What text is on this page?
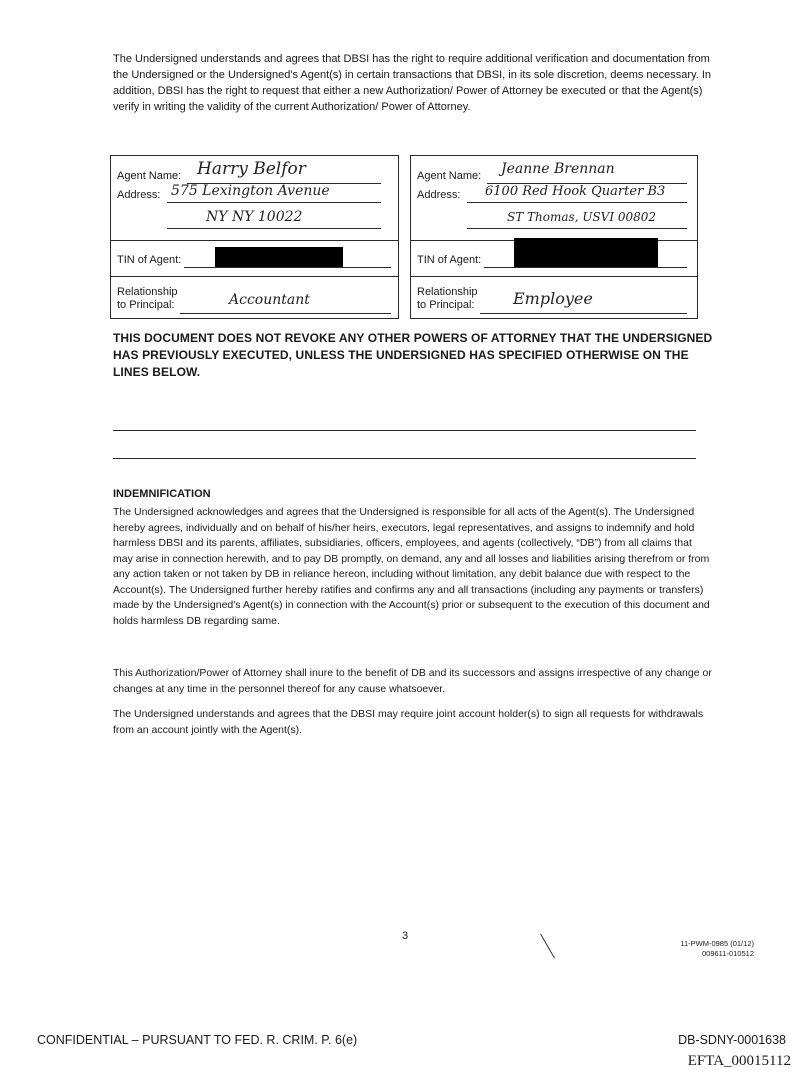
The Undersigned understands and agrees that DBSI has the right to require additional verification and documentation from the Undersigned or the Undersigned's Agent(s) in certain transactions that DBSI, in its sole discretion, deems necessary. In addition, DBSI has the right to request that either a new Authorization/ Power of Attorney be executed or that the Agent(s) verify in writing the validity of the current Authorization/ Power of Attorney.
Agent Name: Harry Belfor
Address: 575 Lexington Avenue
NY NY 10022
TIN of Agent:
Relationship
to Principal:	Accountant
Agent Name: Jeanne Brennan
Address: 6100 Red Hook Quarter B3
ST Thomas, USVI 00802
TIN of Agent:
Relationship
to Principal: Employee
THIS DOCUMENT DOES NOT REVOKE ANY OTHER POWERS OF ATTORNEY THAT THE UNDERSIGNED HAS PREVIOUSLY EXECUTED, UNLESS THE UNDERSIGNED HAS SPECIFIED OTHERWISE ON THE LINES BELOW.
INDEMNIFICATION
The Undersigned acknowledges and agrees that the Undersigned is responsible for all acts of the Agent(s). The Undersigned hereby agrees, individually and on behalf of his/her heirs, executors, legal representatives, and assigns to indemnify and hold harmless DBSI and its parents, affiliates, subsidiaries, officers, employees, and agents (collectively, “DB”) from all claims that may arise in connection herewith, and to pay DB promptly, on demand, any and all losses and liabilities arising therefrom or from any action taken or not taken by DB in reliance hereon, including without limitation, any debit balance due with respect to the Account(s). The Undersigned further hereby ratifies and confirms any and all transactions (including any payments or transfers) made by the Undersigned's Agent(s) in connection with the Account(s) prior or subsequent to the execution of this document and holds harmless DB regarding same.
This Authorization/Power of Attorney shall inure to the benefit of DB and its successors and assigns irrespective of any change or changes at any time in the personnel thereof for any cause whatsoever.
The Undersigned understands and agrees that the DBSI may require joint account holder(s) to sign all requests for withdrawals from an account jointly with the Agent(s).
3
11-PWM-0985 (01/12)
009611-010512
CONFIDENTIAL – PURSUANT TO FED. R. CRIM. P. 6(e)	DB-SDNY-0001638
EFTA_00015112
